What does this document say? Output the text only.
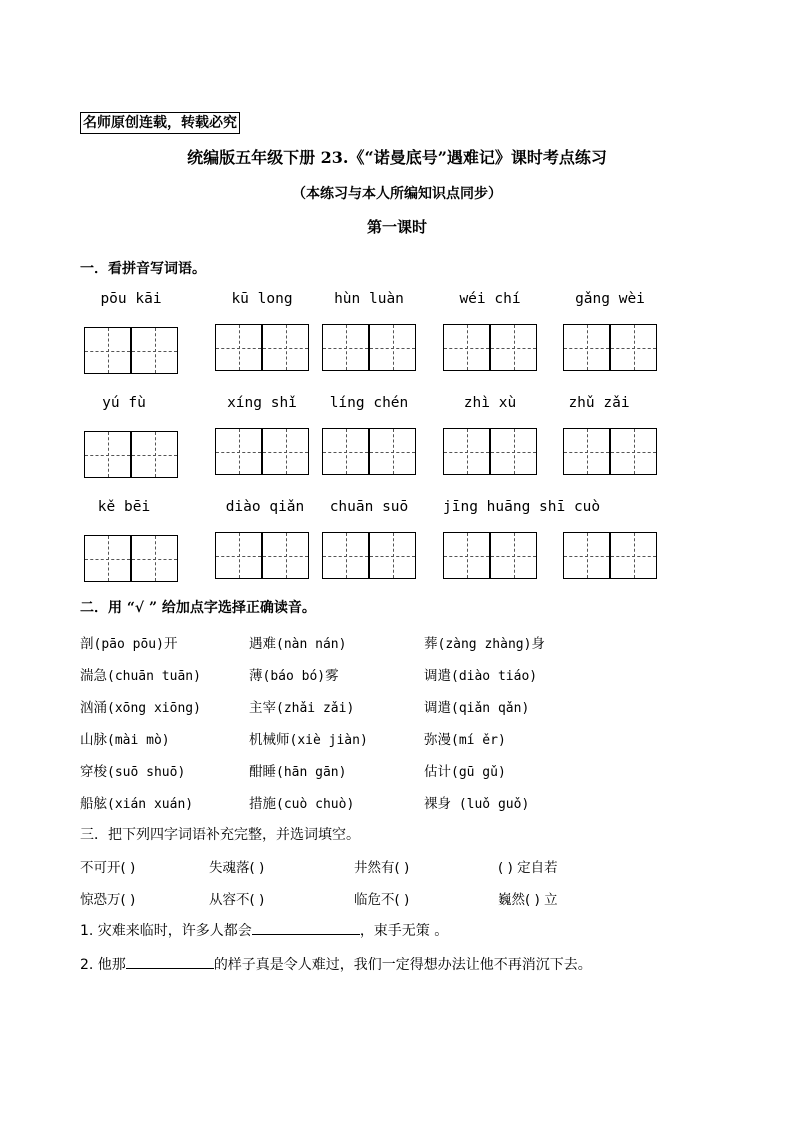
名师原创连载，转载必究
统编版五年级下册 23.《“诺曼底号”遇难记》课时考点练习
（本练习与本人所编知识点同步）
第一课时
一．看拼音写词语。
pōu kāi	kū long	hùn luàn	wéi chí	gǎng wèi
yú fù	xíng shǐ	líng chén	zhì xù	zhǔ zǎi
kě bēi	diào qiǎn	chuān suō	jīng huāng shī cuò
二．用 “√ ” 给加点字选择正确读音。
剖(pāo pōu)开	遇难(nàn nán)	葬(zàng zhàng)身
湍急(chuān tuān)	薄(báo bó)雾	调遣(diào tiáo)
汹涌(xōng xiōng)	主宰(zhǎi zǎi)	调遣(qiǎn qǎn)
山脉(mài mò)	机械师(xiè jiàn)	弥漫(mí ěr)
穿梭(suō shuō)	酣睡(hān gān)	估计(gū gǔ)
船舷(xián xuán)	措施(cuò chuò)	裸身 (luǒ guǒ)
三．把下列四字词语补充完整，并选词填空。
不可开( )	失魂落( )	井然有( )	( ) 定自若
惊恐万( )	从容不( )	临危不( )	巍然( ) 立
1. 灾难来临时，许多人都会	，束手无策 。
2. 他那	的样子真是令人难过，我们一定得想办法让他不再消沉下去。
